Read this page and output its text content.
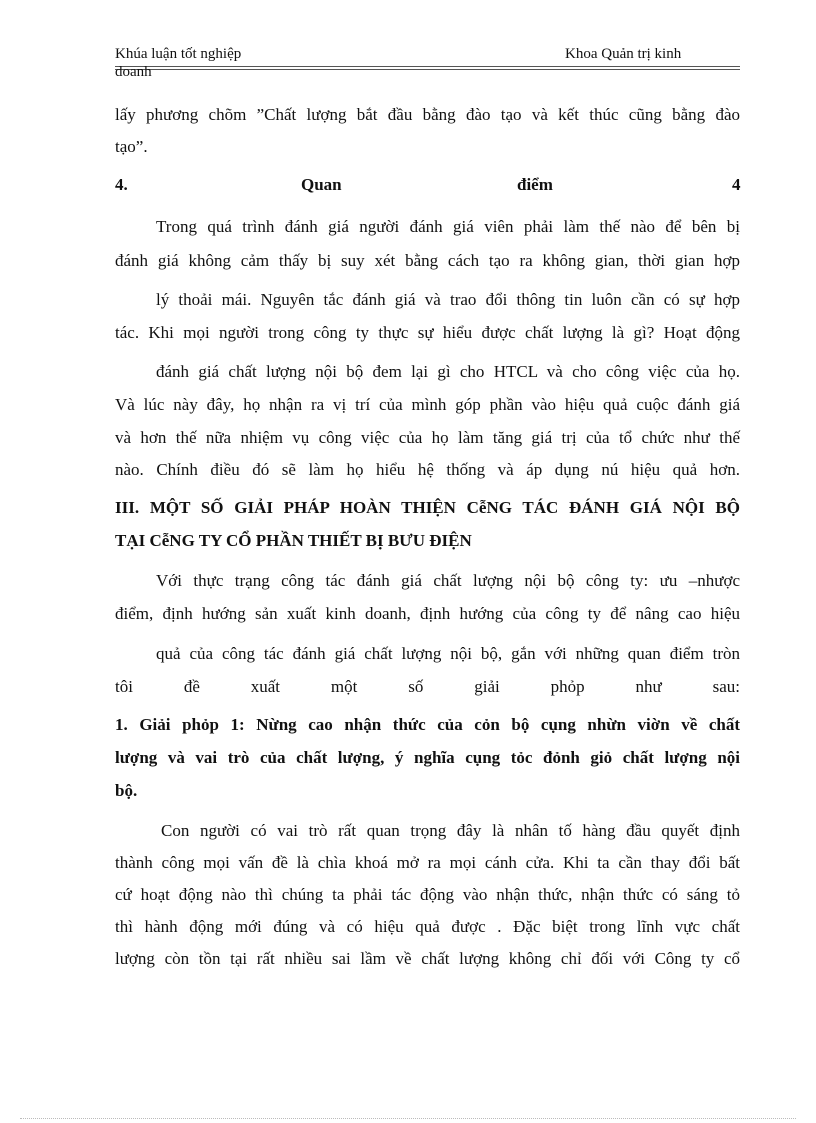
Khúa luận tốt nghiệp	Khoa Quản trị kinh
doanh
lấy phương chõm ”Chất lượng bắt đầu bằng đào tạo và kết thúc cũng bằng đào
tạo”.
4.	Quan	điểm	4
Trong quá trình đánh giá người đánh giá viên phải làm thế nào để bên bị
đánh giá không cảm thấy bị suy xét bằng cách tạo ra không gian, thời gian hợp
lý thoải mái. Nguyên tắc đánh giá và trao đổi thông tin luôn cần có sự hợp
tác. Khi mọi người trong công ty thực sự hiểu được chất lượng là gì? Hoạt động
đánh giá chất lượng nội bộ đem lại gì cho HTCL và cho công việc của họ.
Và lúc này đây, họ nhận ra vị trí của mình góp phần vào hiệu quả cuộc đánh giá
và hơn thế nữa nhiệm vụ công việc của họ làm tăng giá trị của tổ chức như thế
nào. Chính điều đó sẽ làm họ hiểu hệ thống và áp dụng nú hiệu quả hơn.
III. MỘT SỐ GIẢI PHÁP HOÀN THIỆN CễNG TÁC ĐÁNH GIÁ NỘI BỘ
TẠI CễNG TY CỔ PHẦN THIẾT BỊ BƯU ĐIỆN
Với thực trạng công tác đánh giá chất lượng nội bộ công ty: ưu –nhược
điểm, định hướng sản xuất kinh doanh, định hướng của công ty để nâng cao hiệu
quả của công tác đánh giá chất lượng nội bộ, gắn với những quan điểm tròn
tôi đề xuất một số giải phỏp như sau:
1. Giải phỏp 1: Nừng cao nhận thức của cỏn bộ cụng nhừn viờn về chất
lượng và vai trò của chất lượng, ý nghĩa cụng tỏc đỏnh giỏ chất lượng nội
bộ.
Con người có vai trò rất quan trọng đây là nhân tố hàng đầu quyết định
thành công mọi vấn đề là chìa khoá mở ra mọi cánh cửa. Khi ta cần thay đổi bất
cứ hoạt động nào thì chúng ta phải tác động vào nhận thức, nhận thức có sáng tỏ
thì hành động mới đúng và có hiệu quả được . Đặc biệt trong lĩnh vực chất
lượng còn tồn tại rất nhiều sai lầm về chất lượng không chỉ đối với Công ty cổ
